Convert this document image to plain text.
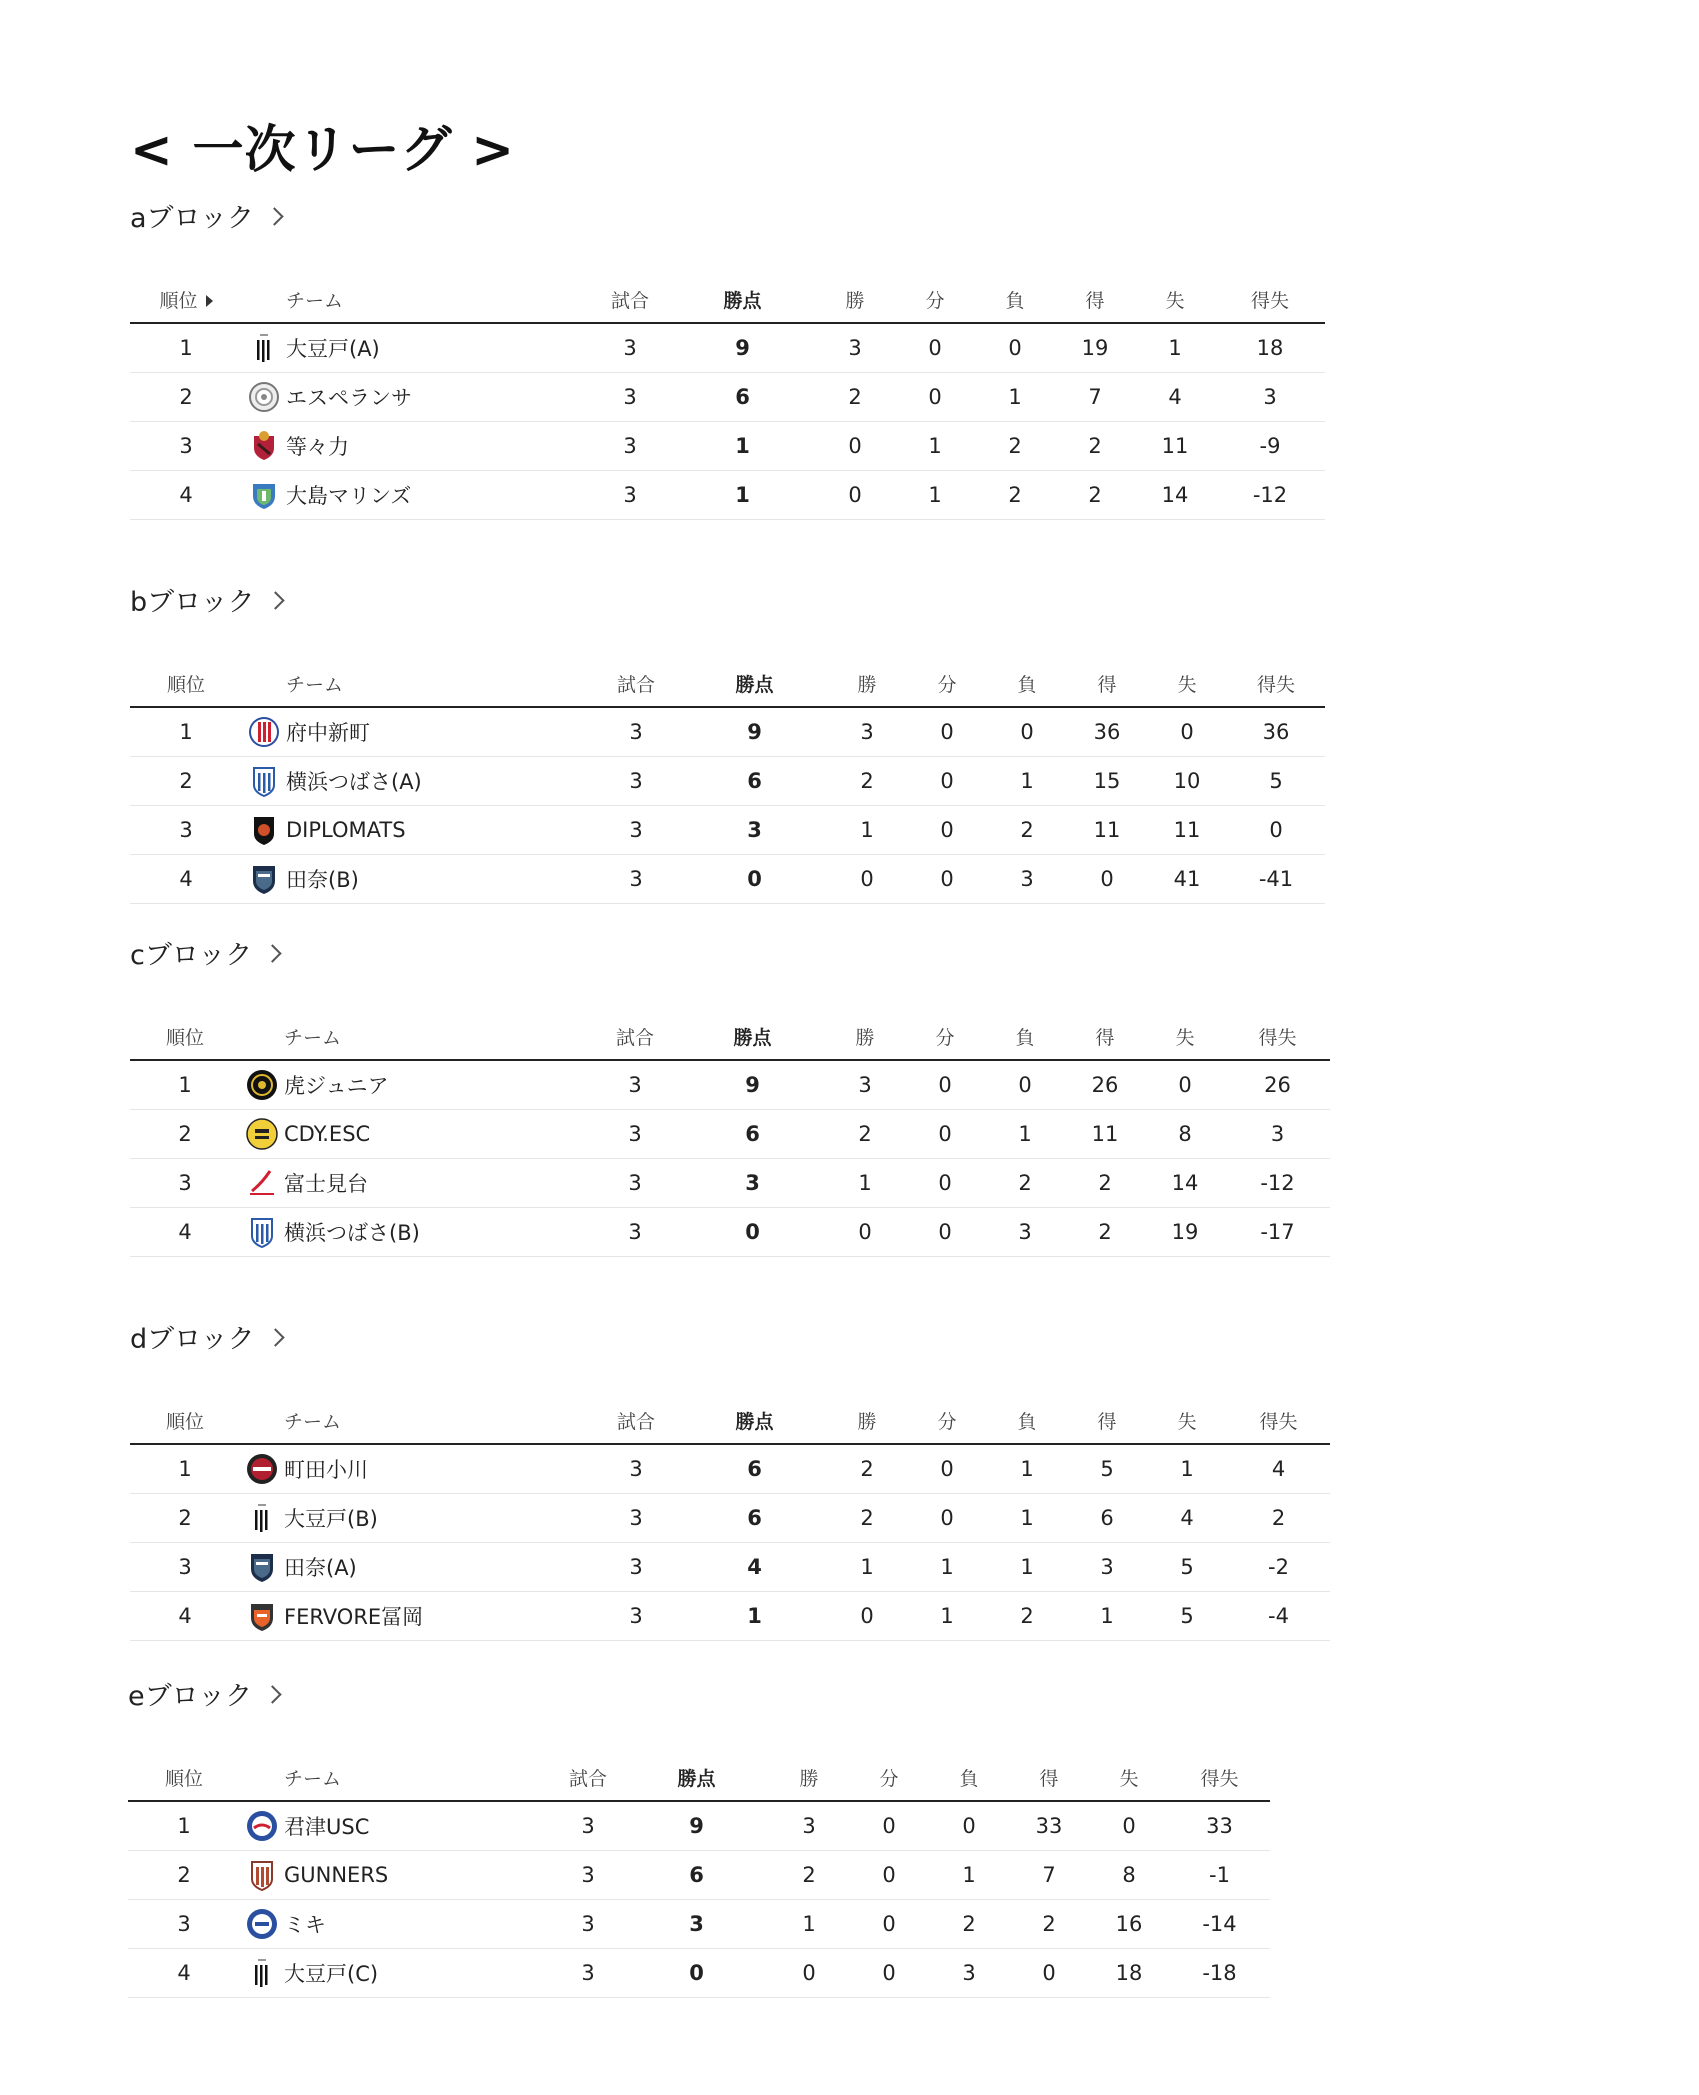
< 一次リーグ >
aブロック
順位	チーム		試合	勝点	勝	分	負	得	失	得失
1		大豆戸(A)	3	9	3	0	0	19	1	18
2		エスペランサ	3	6	2	0	1	7	4	3
3		等々力	3	1	0	1	2	2	11	-9
4		大島マリンズ	3	1	0	1	2	2	14	-12
bブロック
順位	チーム		試合	勝点	勝	分	負	得	失	得失
1		府中新町	3	9	3	0	0	36	0	36
2		横浜つばさ(A)	3	6	2	0	1	15	10	5
3		DIPLOMATS	3	3	1	0	2	11	11	0
4		田奈(B)	3	0	0	0	3	0	41	-41
cブロック
順位	チーム		試合	勝点	勝	分	負	得	失	得失
1		虎ジュニア	3	9	3	0	0	26	0	26
2		CDY.ESC	3	6	2	0	1	11	8	3
3		富士見台	3	3	1	0	2	2	14	-12
4		横浜つばさ(B)	3	0	0	0	3	2	19	-17
dブロック
順位	チーム		試合	勝点	勝	分	負	得	失	得失
1		町田小川	3	6	2	0	1	5	1	4
2		大豆戸(B)	3	6	2	0	1	6	4	2
3		田奈(A)	3	4	1	1	1	3	5	-2
4		FERVORE冨岡	3	1	0	1	2	1	5	-4
eブロック
順位	チーム		試合	勝点	勝	分	負	得	失	得失
1		君津USC	3	9	3	0	0	33	0	33
2		GUNNERS	3	6	2	0	1	7	8	-1
3		ミキ	3	3	1	0	2	2	16	-14
4		大豆戸(C)	3	0	0	0	3	0	18	-18
